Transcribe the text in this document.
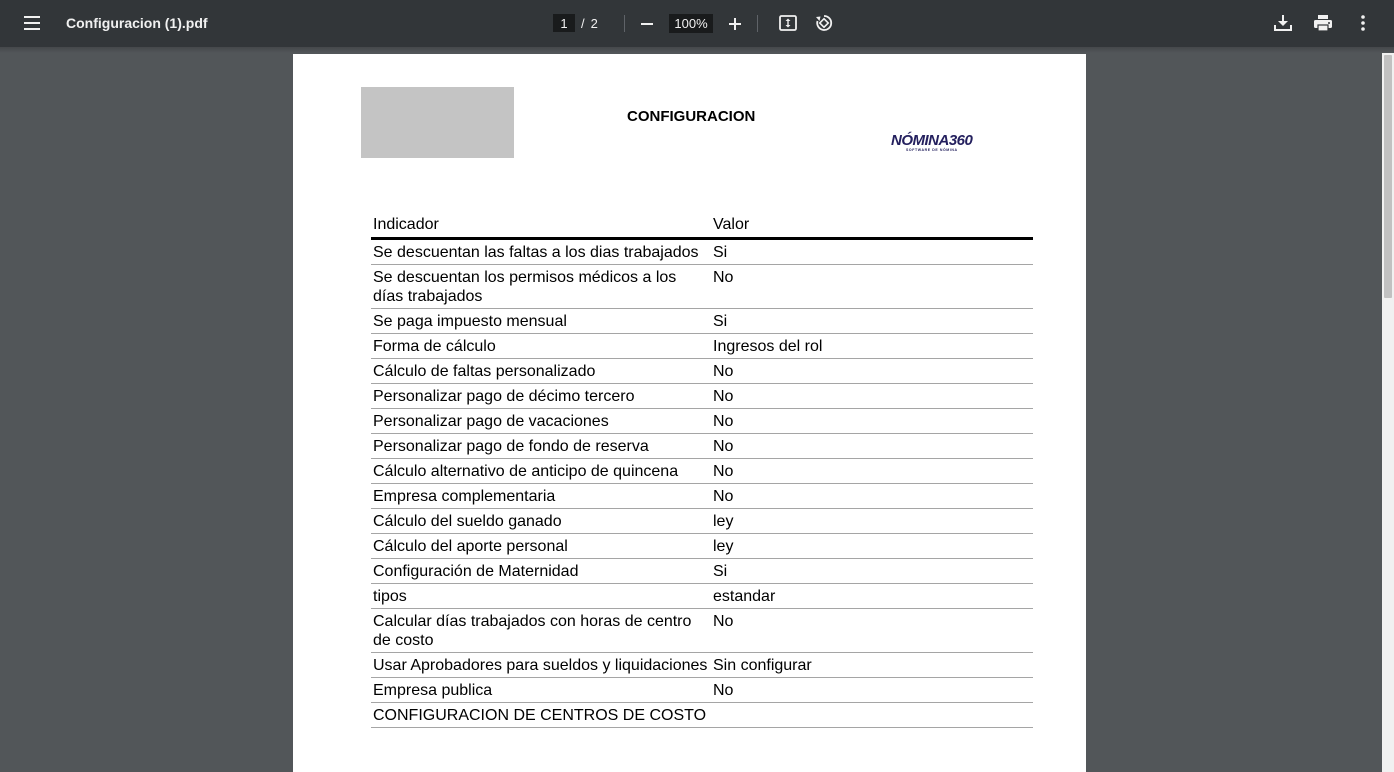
Configuracion (1).pdf
1	/ 2
100%
CONFIGURACION
NÓMINA360
SOFTWARE DE NÓMINA
Indicador	Valor
Se descuentan las faltas a los dias trabajados	Si
Se descuentan los permisos médicos a los días trabajados	No
Se paga impuesto mensual	Si
Forma de cálculo	Ingresos del rol
Cálculo de faltas personalizado	No
Personalizar pago de décimo tercero	No
Personalizar pago de vacaciones	No
Personalizar pago de fondo de reserva	No
Cálculo alternativo de anticipo de quincena	No
Empresa complementaria	No
Cálculo del sueldo ganado	ley
Cálculo del aporte personal	ley
Configuración de Maternidad	Si
tipos	estandar
Calcular días trabajados con horas de centro de costo	No
Usar Aprobadores para sueldos y liquidaciones	Sin configurar
Empresa publica	No
CONFIGURACION DE CENTROS DE COSTO	
